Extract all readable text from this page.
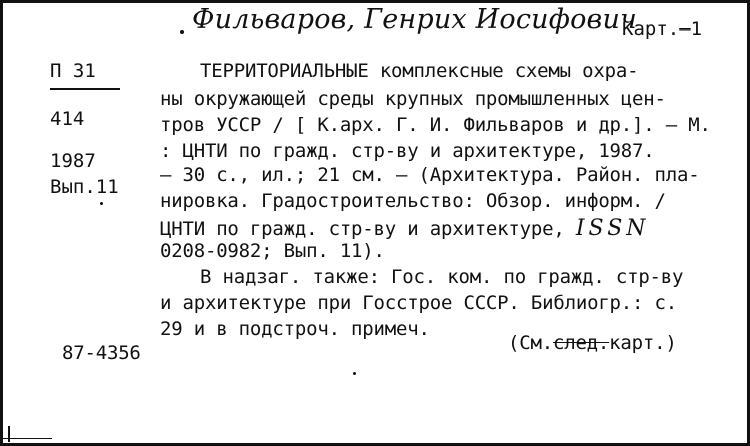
Фильваров, Генрих Иосифович
Карт.—1
П 31
414
1987
Вып.11
ТЕРРИТОРИАЛЬНЫЕ комплексные схемы охра-
ны окружающей среды крупных промышленных цен-
тров УССР / [ К.арх. Г. И. Фильваров и др.]. – М.
: ЦНТИ по гражд. стр-ву и архитектуре, 1987.
– 30 с., ил.; 21 см. – (Архитектура. Район. пла-
нировка. Градостроительство: Обзор. информ. /
ЦНТИ по гражд. стр-ву и архитектуре, ISSN
0208-0982; Вып. 11).
В надзаг. также: Гос. ком. по гражд. стр-ву
и архитектуре при Госстрое СССР. Библиогр.: с.
29 и в подстроч. примеч.
(См.след.карт.)
87-4356
